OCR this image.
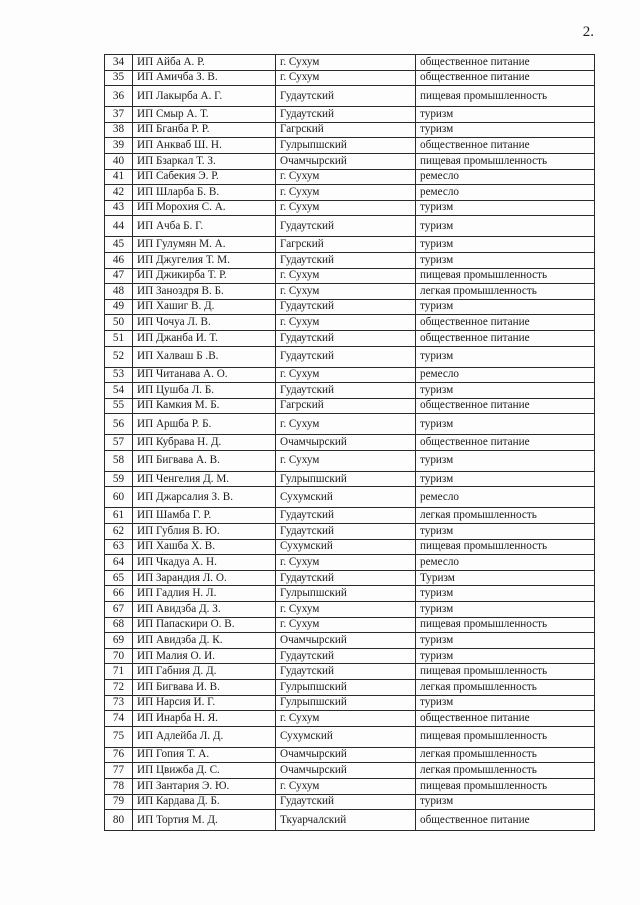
2.
34	ИП Айба А. Р.	г. Сухум	общественное питание
35	ИП Амичба З. В.	г. Сухум	общественное питание
36	ИП Лакырба А. Г.	Гудаутский	пищевая промышленность
37	ИП Смыр А. Т.	Гудаутский	туризм
38	ИП Бганба Р. Р.	Гагрский	туризм
39	ИП Анкваб Ш. Н.	Гулрыпшский	общественное питание
40	ИП Бзаркал Т. З.	Очамчырский	пищевая промышленность
41	ИП Сабекия Э. Р.	г. Сухум	ремесло
42	ИП Шларба Б. В.	г. Сухум	ремесло
43	ИП Морохия С. А.	г. Сухум	туризм
44	ИП Ачба Б. Г.	Гудаутский	туризм
45	ИП Гулумян М. А.	Гагрский	туризм
46	ИП Джугелия Т. М.	Гудаутский	туризм
47	ИП Джикирба Т. Р.	г. Сухум	пищевая промышленность
48	ИП Заноздря В. Б.	г. Сухум	легкая промышленность
49	ИП Хашиг В. Д.	Гудаутский	туризм
50	ИП Чочуа Л. В.	г. Сухум	общественное питание
51	ИП Джанба И. Т.	Гудаутский	общественное питание
52	ИП Халваш Б .В.	Гудаутский	туризм
53	ИП Читанава А. О.	г. Сухум	ремесло
54	ИП Цушба Л. Б.	Гудаутский	туризм
55	ИП Камкия М. Б.	Гагрский	общественное питание
56	ИП Аршба Р. Б.	г. Сухум	туризм
57	ИП Кубрава Н. Д.	Очамчырский	общественное питание
58	ИП Бигвава А. В.	г. Сухум	туризм
59	ИП Ченгелия Д. М.	Гулрыпшский	туризм
60	ИП Джарсалия З. В.	Сухумский	ремесло
61	ИП Шамба Г. Р.	Гудаутский	легкая промышленность
62	ИП Гублия В. Ю.	Гудаутский	туризм
63	ИП Хашба Х. В.	Сухумский	пищевая промышленность
64	ИП Чкадуа А. Н.	г. Сухум	ремесло
65	ИП Зарандия Л. О.	Гудаутский	Туризм
66	ИП Гадлия Н. Л.	Гулрыпшский	туризм
67	ИП Авидзба Д. З.	г. Сухум	туризм
68	ИП Папаскири О. В.	г. Сухум	пищевая промышленность
69	ИП Авидзба Д. К.	Очамчырский	туризм
70	ИП Малия О. И.	Гудаутский	туризм
71	ИП Габния Д. Д.	Гудаутский	пищевая промышленность
72	ИП Бигвава И. В.	Гулрыпшский	легкая промышленность
73	ИП Нарсия И. Г.	Гулрыпшский	туризм
74	ИП Инарба Н. Я.	г. Сухум	общественное питание
75	ИП Адлейба Л. Д.	Сухумский	пищевая промышленность
76	ИП Гопия Т. А.	Очамчырский	легкая промышленность
77	ИП Цвижба Д. С.	Очамчырский	легкая промышленность
78	ИП Зантария Э. Ю.	г. Сухум	пищевая промышленность
79	ИП Кардава Д. Б.	Гудаутский	туризм
80	ИП Тортия М. Д.	Ткуарчалский	общественное питание
